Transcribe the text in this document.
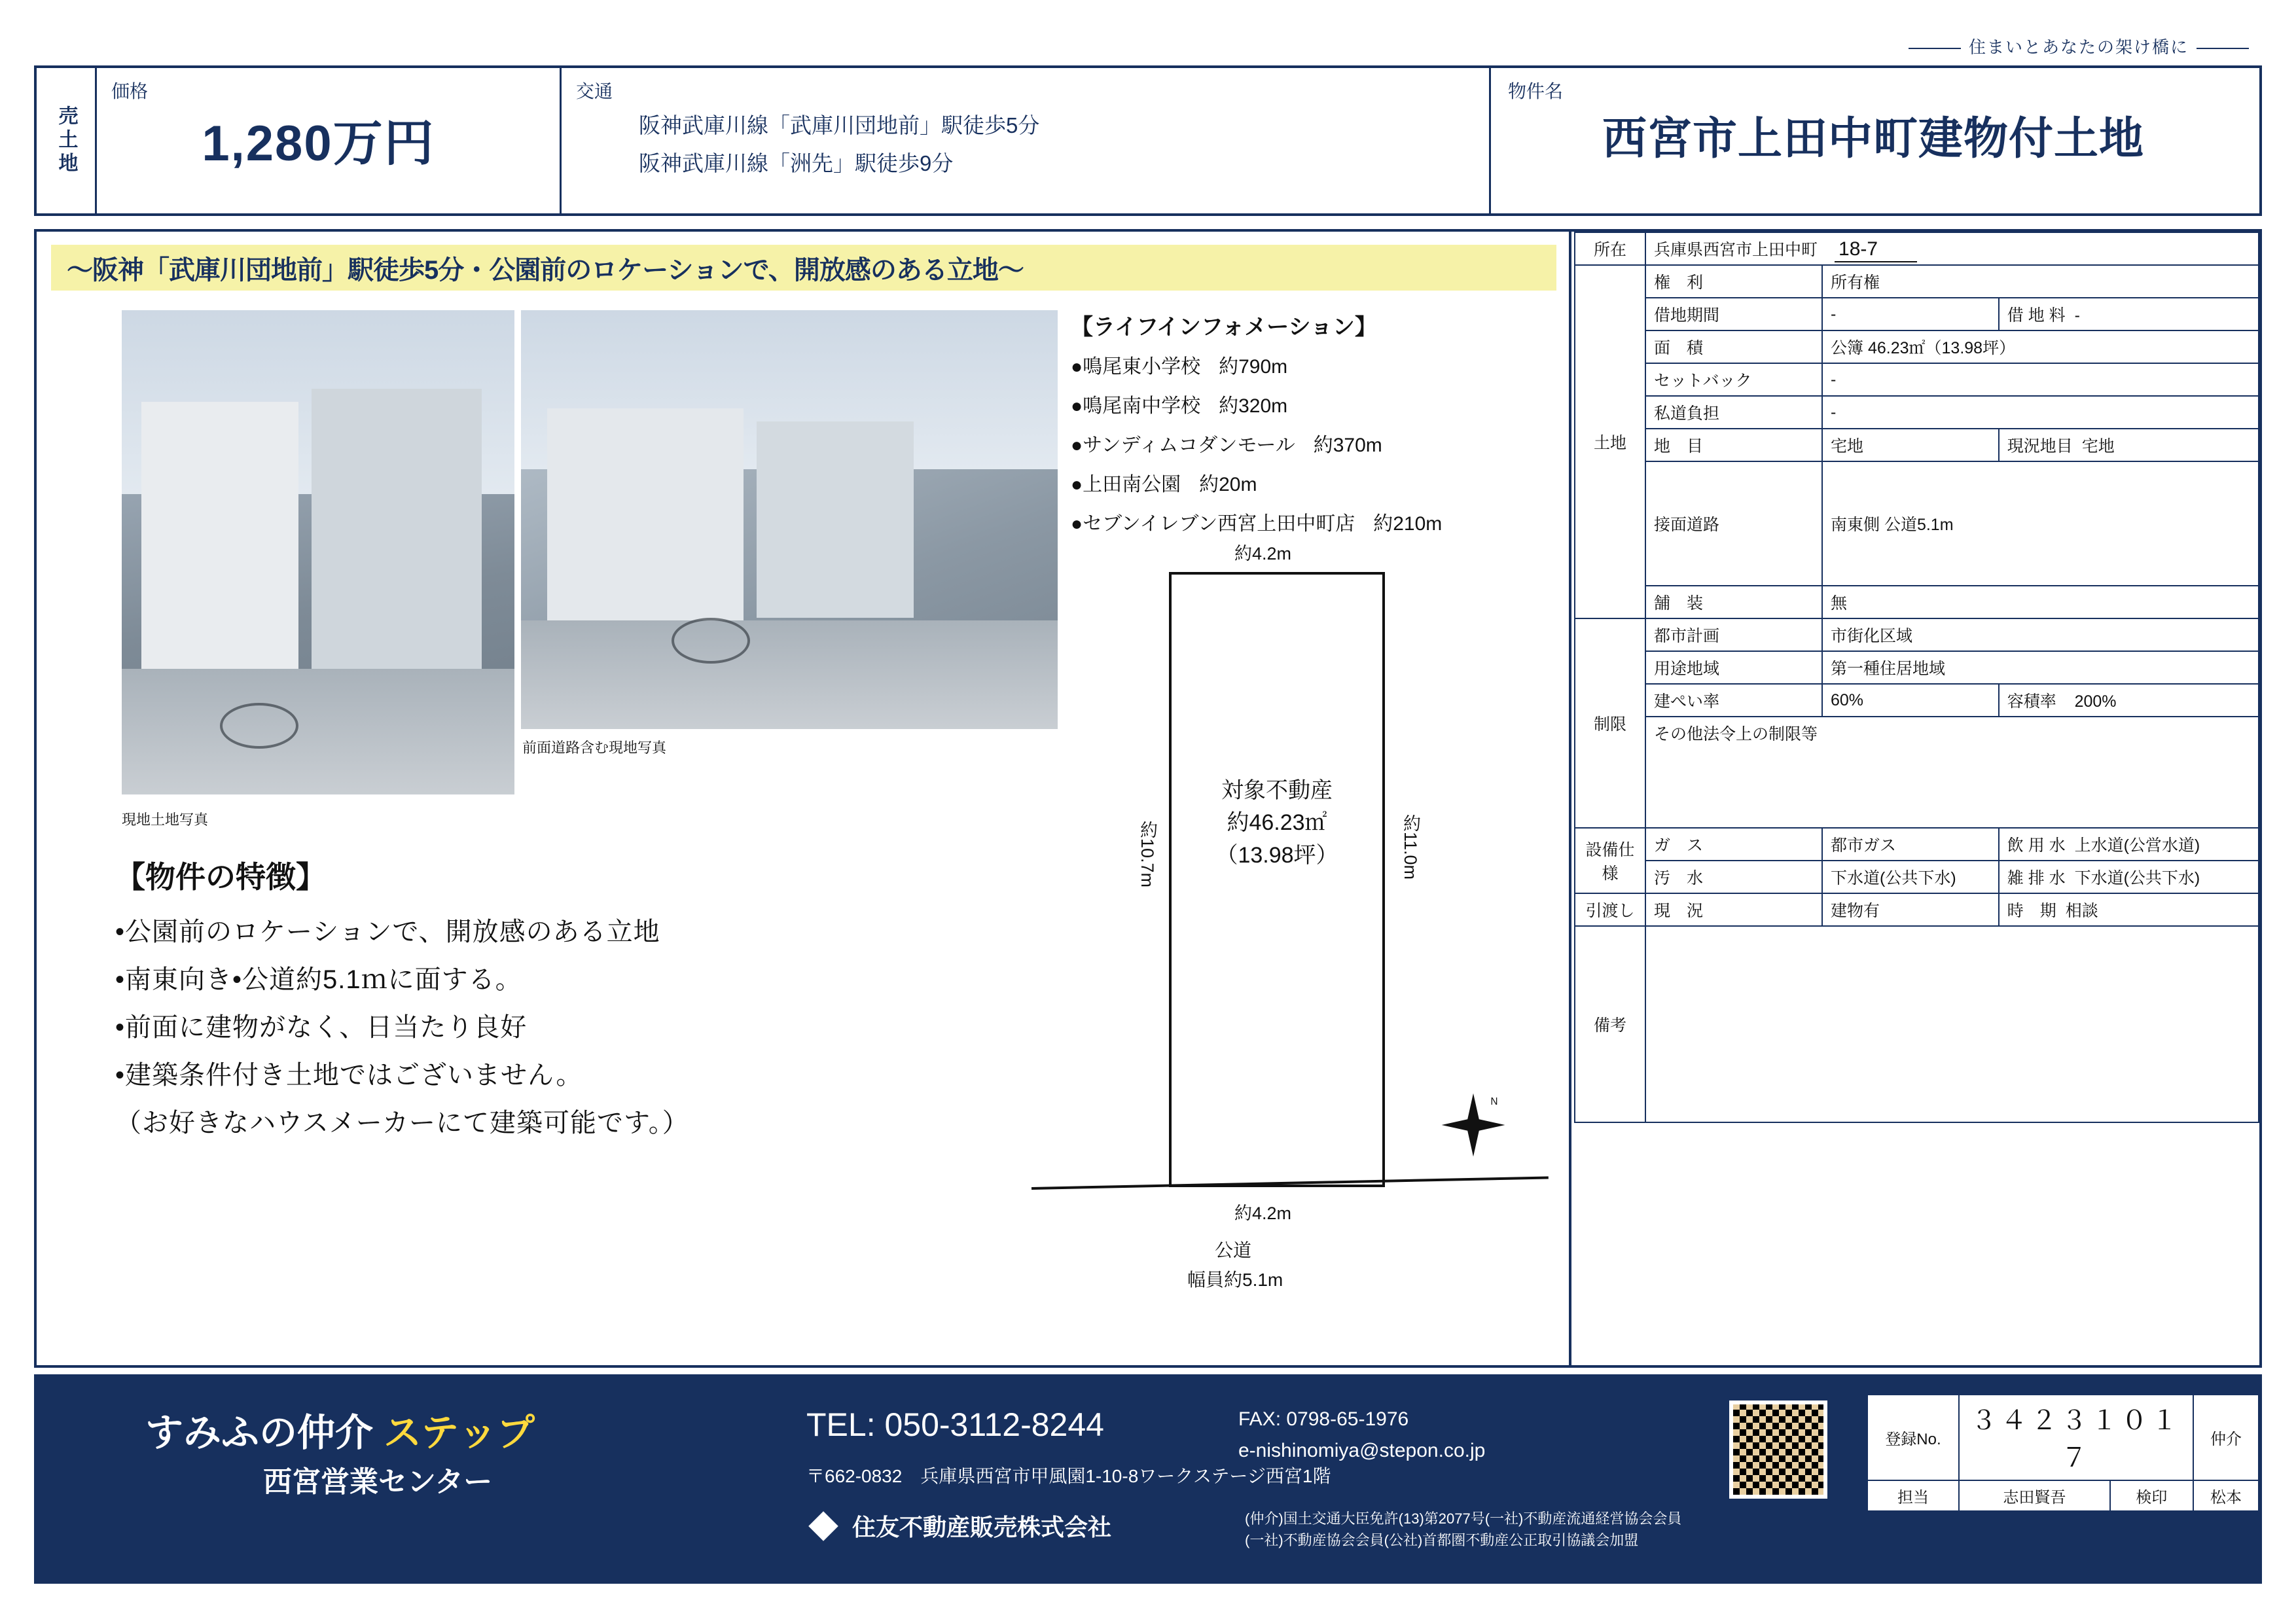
住まいとあなたの架け橋に
売土地
価格
1,280万円
交通
阪神武庫川線「武庫川団地前」駅徒歩5分
阪神武庫川線「洲先」駅徒歩9分
物件名
西宮市上田中町建物付土地
～阪神「武庫川団地前」駅徒歩5分・公園前のロケーションで、開放感のある立地～
現地土地写真
前面道路含む現地写真
【ライフインフォメーション】
●鳴尾東小学校 約790m
●鳴尾南中学校 約320m
●サンディムコダンモール 約370m
●上田南公園 約20m
●セブンイレブン西宮上田中町店 約210m
約4.2m
約4.2m
約10.7m	約11.0m
対象不動産
約46.23㎡
（13.98坪）
公道
幅員約5.1m
N
【物件の特徴】

•公園前のロケーションで、開放感のある立地

•南東向き•公道約5.1ｍに面する。

•前面に建物がなく、日当たり良好

•建築条件付き土地ではございません。

（お好きなハウスメーカーにて建築可能です。）

所在	兵庫県西宮市上田中町 18-7		
土地	権　利	所有権	
	借地期間	-	借 地 料 -
	面　積	公簿 46.23㎡（13.98坪）	
	セットバック	-	
	私道負担	-	
	地　目	宅地	現況地目 宅地
	接面道路	南東側 公道5.1m	
	舗　装	無	
制限	都市計画	市街化区域	
	用途地域	第一種住居地域	
	建ぺい率	60%	容積率 200%
	その他法令上の制限等		
設備仕様	ガ　ス	都市ガス	飲 用 水 上水道(公営水道)
	汚　水	下水道(公共下水)	雑 排 水 下水道(公共下水)
引渡し	現　況	建物有	時　期 相談
備考			
すみふの仲介 ステップ
西宮営業センター
TEL: 050-3112-8244	FAX: 0798-65-1976
e-nishinomiya@stepon.co.jp
〒662-0832　兵庫県西宮市甲風園1-10-8ワークステージ西宮1階
住友不動産販売株式会社	(仲介)国土交通大臣免許(13)第2077号(一社)不動産流通経営協会会員
(一社)不動産協会会員(公社)首都圏不動産公正取引協議会加盟
登録No.	３４２３１０１７		仲介
担当	志田賢吾	検印	松本
